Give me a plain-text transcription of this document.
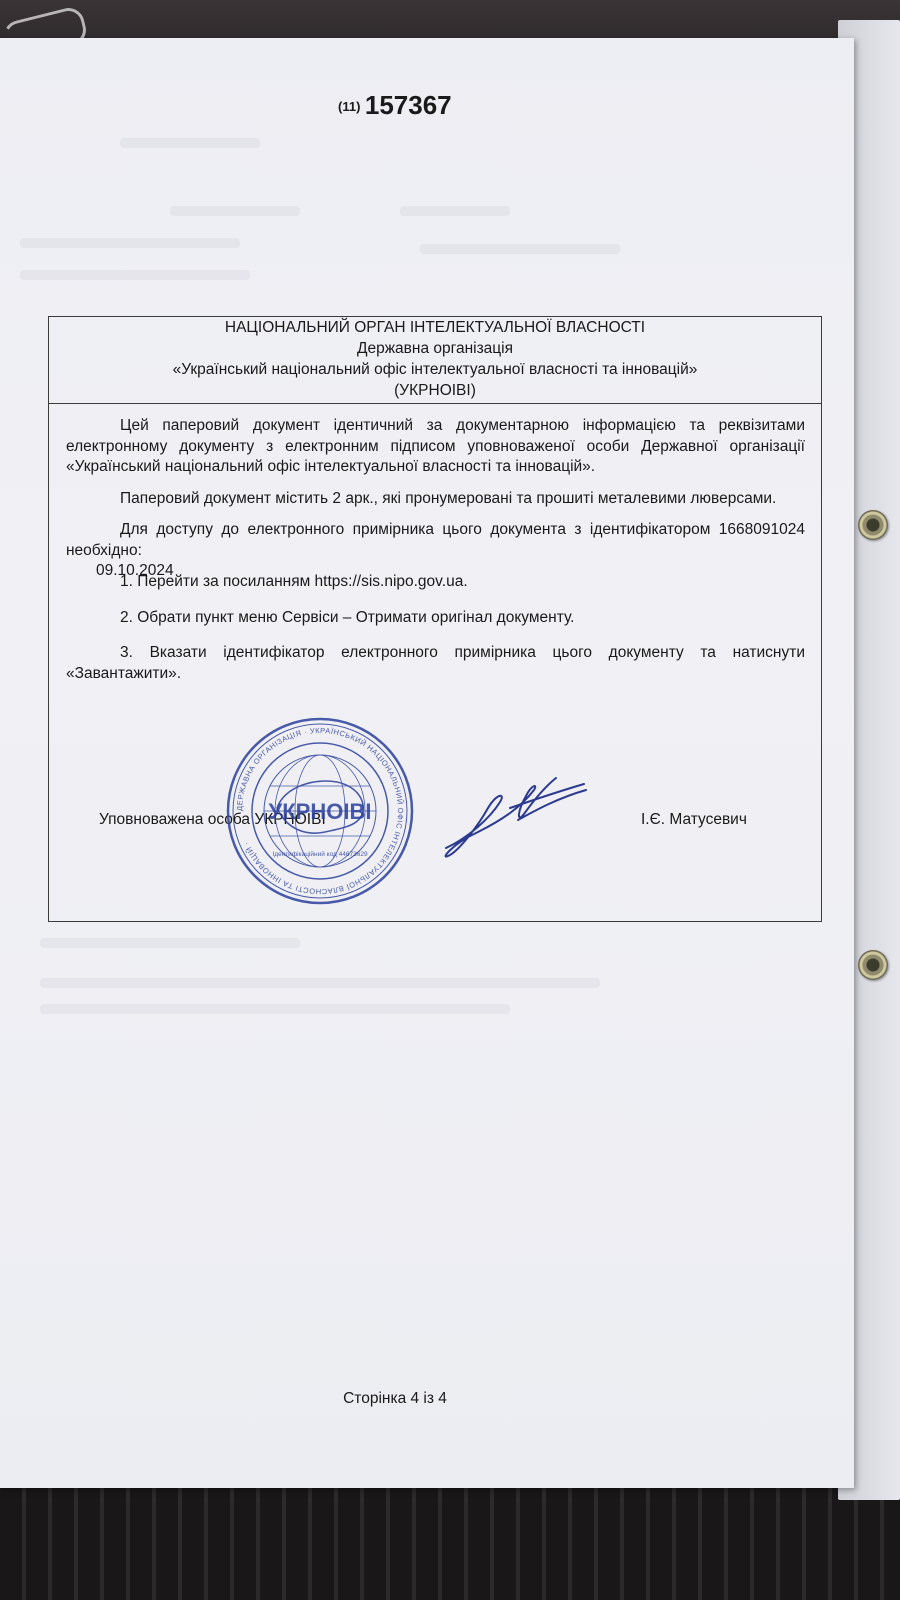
(11) 157367
НАЦІОНАЛЬНИЙ ОРГАН ІНТЕЛЕКТУАЛЬНОЇ ВЛАСНОСТІ
Державна організація
«Український національний офіс інтелектуальної власності та інновацій»
(УКРНОІВІ)

Цей паперовий документ ідентичний за документарною інформацією та реквізитами електронному документу з електронним підписом уповноваженої особи Державної організації «Український національний офіс інтелектуальної власності та інновацій».

Паперовий документ містить 2 арк., які пронумеровані та прошиті металевими люверсами.

Для доступу до електронного примірника цього документа з ідентифікатором 1668091024 необхідно:

1. Перейти за посиланням https://sis.nipo.gov.ua.

2. Обрати пункт меню Сервіси – Отримати оригінал документу.

3. Вказати ідентифікатор електронного примірника цього документу та натиснути «Завантажити».

Уповноважена особа УКРНОІВІ	І.Є. Матусевич
09.10.2024
ДЕРЖАВНА ОРГАНІЗАЦІЯ · УКРАЇНСЬКИЙ НАЦІОНАЛЬНИЙ ОФІС ІНТЕЛЕКТУАЛЬНОЇ ВЛАСНОСТІ ТА ІННОВАЦІЙ ·
УКРНОІВІ
Ідентифікаційний код 44673629
Сторінка 4 із 4
